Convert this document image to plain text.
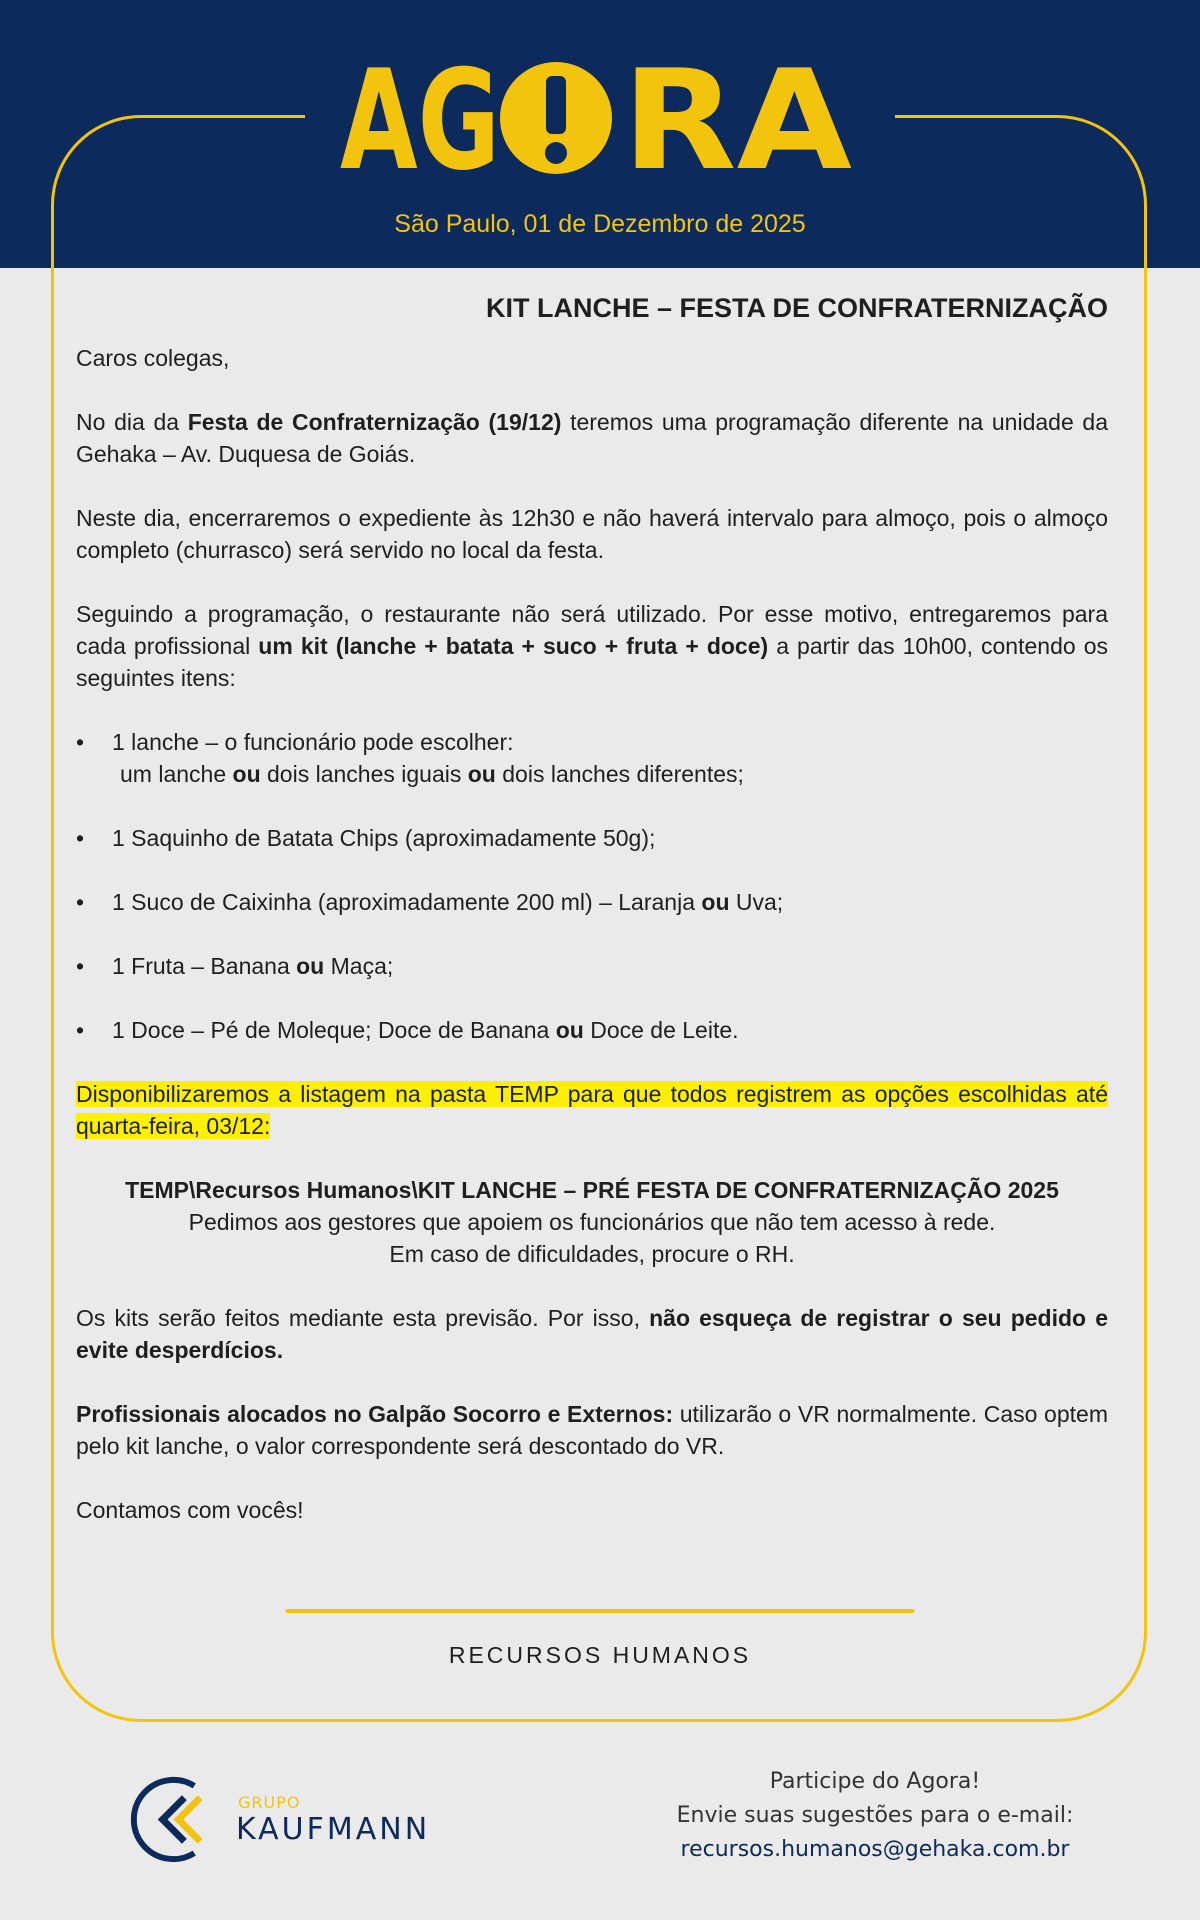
AG RA
São Paulo, 01 de Dezembro de 2025
KIT LANCHE – FESTA DE CONFRATERNIZAÇÃO

Caros colegas,

No dia da Festa de Confraternização (19/12) teremos uma programação diferente na unidade da Gehaka – Av. Duquesa de Goiás.

Neste dia, encerraremos o expediente às 12h30 e não haverá intervalo para almoço, pois o almoço completo (churrasco) será servido no local da festa.

Seguindo a programação, o restaurante não será utilizado. Por esse motivo, entregaremos para cada profissional um kit (lanche + batata + suco + fruta + doce) a partir das 10h00, contendo os seguintes itens:

• 1 lanche – o funcionário pode escolher:
um lanche ou dois lanches iguais ou dois lanches diferentes;
• 1 Saquinho de Batata Chips (aproximadamente 50g);
• 1 Suco de Caixinha (aproximadamente 200 ml) – Laranja ou Uva;
• 1 Fruta – Banana ou Maça;
• 1 Doce – Pé de Moleque; Doce de Banana ou Doce de Leite.

Disponibilizaremos a listagem na pasta TEMP para que todos registrem as opções escolhidas até quarta-feira, 03/12:

TEMP\Recursos Humanos\KIT LANCHE – PRÉ FESTA DE CONFRATERNIZAÇÃO 2025
Pedimos aos gestores que apoiem os funcionários que não tem acesso à rede.
Em caso de dificuldades, procure o RH.

Os kits serão feitos mediante esta previsão. Por isso, não esqueça de registrar o seu pedido e evite desperdícios.

Profissionais alocados no Galpão Socorro e Externos: utilizarão o VR normalmente. Caso optem pelo kit lanche, o valor correspondente será descontado do VR.

Contamos com vocês!

RECURSOS HUMANOS
GRUPO
KAUFMANN
Participe do Agora!
Envie suas sugestões para o e-mail:
recursos.humanos@gehaka.com.br
